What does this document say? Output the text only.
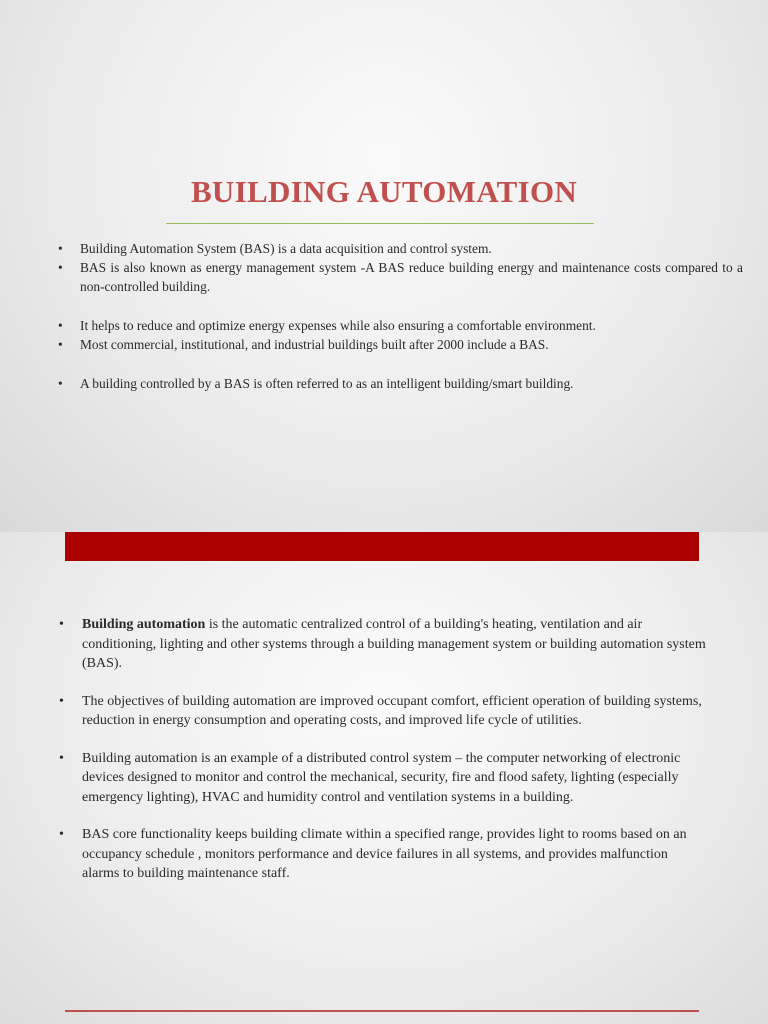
BUILDING AUTOMATION
• Building Automation System (BAS) is a data acquisition and control system.
• BAS is also known as energy management system -A BAS reduce building energy and maintenance costs compared to a non-controlled building.
• It helps to reduce and optimize energy expenses while also ensuring a comfortable environment.
• Most commercial, institutional, and industrial buildings built after 2000 include a BAS.
• A building controlled by a BAS is often referred to as an intelligent building/smart building.
• Building automation is the automatic centralized control of a building's heating, ventilation and air conditioning, lighting and other systems through a building management system or building automation system (BAS).
• The objectives of building automation are improved occupant comfort, efficient operation of building systems, reduction in energy consumption and operating costs, and improved life cycle of utilities.
• Building automation is an example of a distributed control system – the computer networking of electronic devices designed to monitor and control the mechanical, security, fire and flood safety, lighting (especially emergency lighting), HVAC and humidity control and ventilation systems in a building.
• BAS core functionality keeps building climate within a specified range, provides light to rooms based on an occupancy schedule , monitors performance and device failures in all systems, and provides malfunction alarms to building maintenance staff.
